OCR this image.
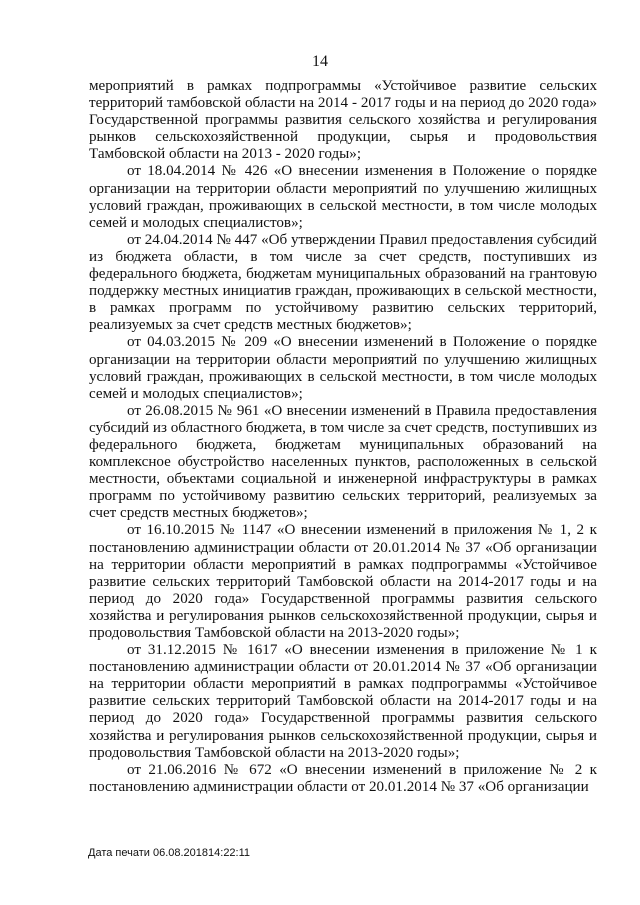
14

мероприятий в рамках подпрограммы «Устойчивое развитие сельских территорий тамбовской области на 2014 - 2017 годы и на период до 2020 года» Государственной программы развития сельского хозяйства и регулирования рынков сельскохозяйственной продукции, сырья и продовольствия Тамбовской области на 2013 - 2020 годы»;

от 18.04.2014 № 426 «О внесении изменения в Положение о порядке организации на территории области мероприятий по улучшению жилищных условий граждан, проживающих в сельской местности, в том числе молодых семей и молодых специалистов»;

от 24.04.2014 № 447 «Об утверждении Правил предоставления субсидий из бюджета области, в том числе за счет средств, поступивших из федерального бюджета, бюджетам муниципальных образований на грантовую поддержку местных инициатив граждан, проживающих в сельской местности, в рамках программ по устойчивому развитию сельских территорий, реализуемых за счет средств местных бюджетов»;

от 04.03.2015 № 209 «О внесении изменений в Положение о порядке организации на территории области мероприятий по улучшению жилищных условий граждан, проживающих в сельской местности, в том числе молодых семей и молодых специалистов»;

от 26.08.2015 № 961 «О внесении изменений в Правила предоставления субсидий из областного бюджета, в том числе за счет средств, поступивших из федерального бюджета, бюджетам муниципальных образований на комплексное обустройство населенных пунктов, расположенных в сельской местности, объектами социальной и инженерной инфраструктуры в рамках программ по устойчивому развитию сельских территорий, реализуемых за счет средств местных бюджетов»;

от 16.10.2015 № 1147 «О внесении изменений в приложения № 1, 2 к постановлению администрации области от 20.01.2014 № 37 «Об организации на территории области мероприятий в рамках подпрограммы «Устойчивое развитие сельских территорий Тамбовской области на 2014-2017 годы и на период до 2020 года» Государственной программы развития сельского хозяйства и регулирования рынков сельскохозяйственной продукции, сырья и продовольствия Тамбовской области на 2013-2020 годы»;

от 31.12.2015 № 1617 «О внесении изменения в приложение № 1 к постановлению администрации области от 20.01.2014 № 37 «Об организации на территории области мероприятий в рамках подпрограммы «Устойчивое развитие сельских территорий Тамбовской области на 2014-2017 годы и на период до 2020 года» Государственной программы развития сельского хозяйства и регулирования рынков сельскохозяйственной продукции, сырья и продовольствия Тамбовской области на 2013-2020 годы»;

от 21.06.2016 № 672 «О внесении изменений в приложение № 2 к постановлению администрации области от 20.01.2014 № 37 «Об организации

Дата печати 06.08.201814:22:11
